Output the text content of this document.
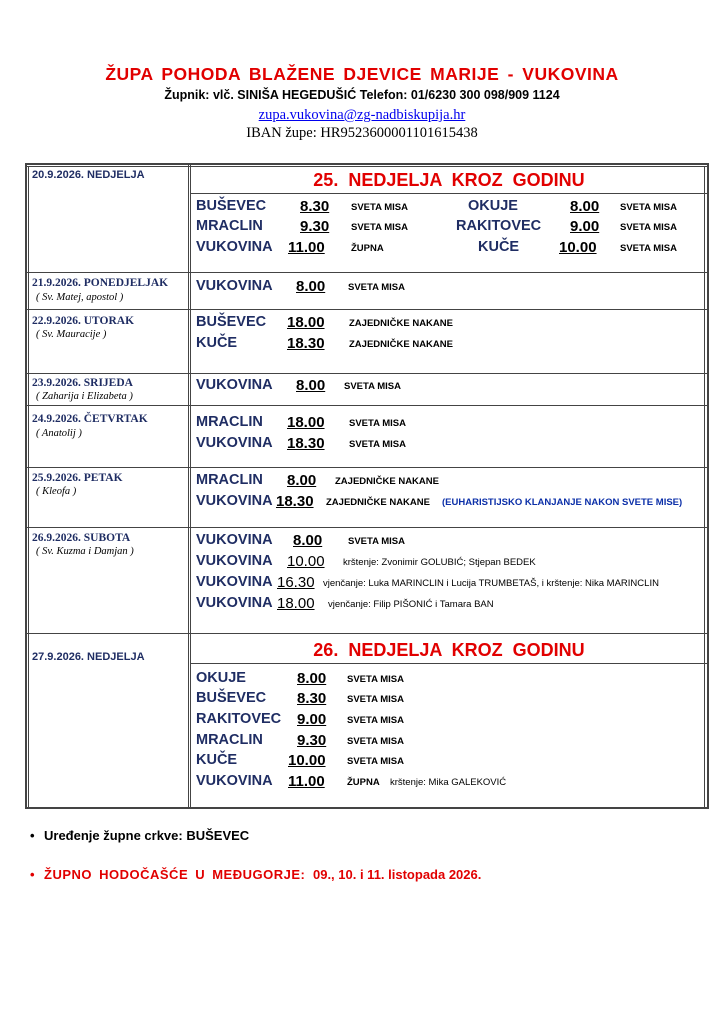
ŽUPA POHODA BLAŽENE DJEVICE MARIJE - VUKOVINA
Župnik: vlč. SINIŠA HEGEDUŠIĆ Telefon: 01/6230 300 098/909 1124
zupa.vukovina@zg-nadbiskupija.hr
IBAN župe: HR9523600001101615438
20.9.2026. NEDJELJA	25. NEDJELJA KROZ GODINU
BUŠEVEC 8.30 SVETA MISA	OKUJE	8.00 SVETA MISA
MRACLIN 9.30 SVETA MISA	RAKITOVEC 9.00 SVETA MISA
VUKOVINA 11.00	ŽUPNA	KUČE	10.00 SVETA MISA
21.9.2026. PONEDJELJAK
( Sv. Matej, apostol )
VUKOVINA 8.00 SVETA MISA
22.9.2026. UTORAK
( Sv. Mauracije )
BUŠEVEC 18.00	ZAJEDNIČKE NAKANE
KUČE	18.30	ZAJEDNIČKE NAKANE
23.9.2026. SRIJEDA
( Zaharija i Elizabeta )
VUKOVINA 8.00 SVETA MISA
24.9.2026. ČETVRTAK
( Anatolij )
MRACLIN 18.00	SVETA MISA
VUKOVINA 18.30	SVETA MISA
25.9.2026. PETAK
( Kleofa )
MRACLIN 8.00 ZAJEDNIČKE NAKANE
VUKOVINA 18.30 ZAJEDNIČKE NAKANE (EUHARISTIJSKO KLANJANJE NAKON SVETE MISE)
26.9.2026. SUBOTA
( Sv. Kuzma i Damjan )
VUKOVINA 8.00	SVETA MISA
VUKOVINA 10.00 krštenje: Zvonimir GOLUBIĆ; Stjepan BEDEK
VUKOVINA 16.30 vjenčanje: Luka MARINCLIN i Lucija TRUMBETAŠ, i krštenje: Nika MARINCLIN
VUKOVINA 18.00 vjenčanje: Filip PIŠONIĆ i Tamara BAN
27.9.2026. NEDJELJA	26. NEDJELJA KROZ GODINU
OKUJE	8.00 SVETA MISA
BUŠEVEC 8.30 SVETA MISA
RAKITOVEC 9.00 SVETA MISA
MRACLIN 9.30 SVETA MISA
KUČE	10.00 SVETA MISA
VUKOVINA 11.00 ŽUPNA krštenje: Mika GALEKOVIĆ
• Uređenje župne crkve: BUŠEVEC
• ŽUPNO HODOČAŠĆE U MEĐUGORJE: 09., 10. i 11. listopada 2026.
